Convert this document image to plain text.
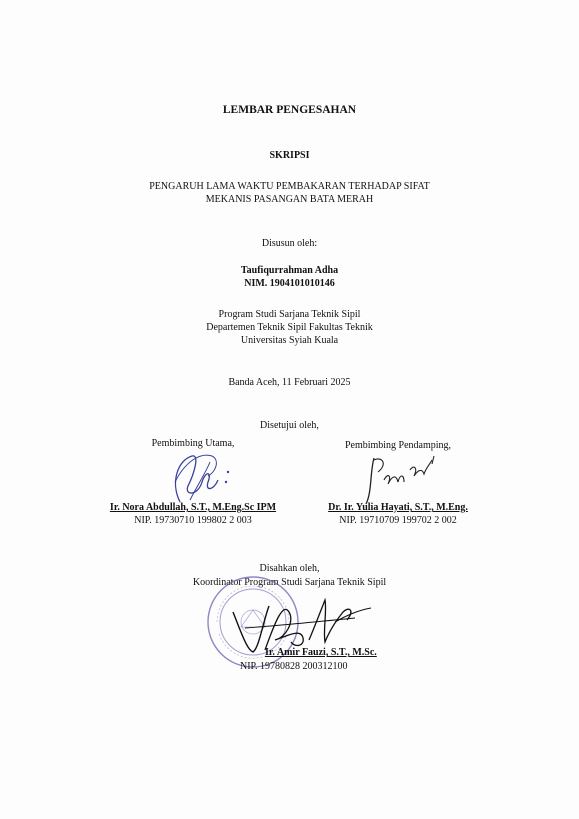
LEMBAR PENGESAHAN
SKRIPSI
PENGARUH LAMA WAKTU PEMBAKARAN TERHADAP SIFAT
MEKANIS PASANGAN BATA MERAH
Disusun oleh:
Taufiqurrahman Adha
NIM. 1904101010146
Program Studi Sarjana Teknik Sipil
Departemen Teknik Sipil Fakultas Teknik
Universitas Syiah Kuala
Banda Aceh, 11 Februari 2025
Disetujui oleh,
Pembimbing Utama,
Ir. Nora Abdullah, S.T., M.Eng.Sc IPM
NIP. 19730710 199802 2 003
Pembimbing Pendamping,
Dr. Ir. Yulia Hayati, S.T., M.Eng.
NIP. 19710709 199702 2 002
Disahkan oleh,
Koordinator Program Studi Sarjana Teknik Sipil
Ir. Amir Fauzi, S.T., M.Sc.
NIP. 19780828 200312100
